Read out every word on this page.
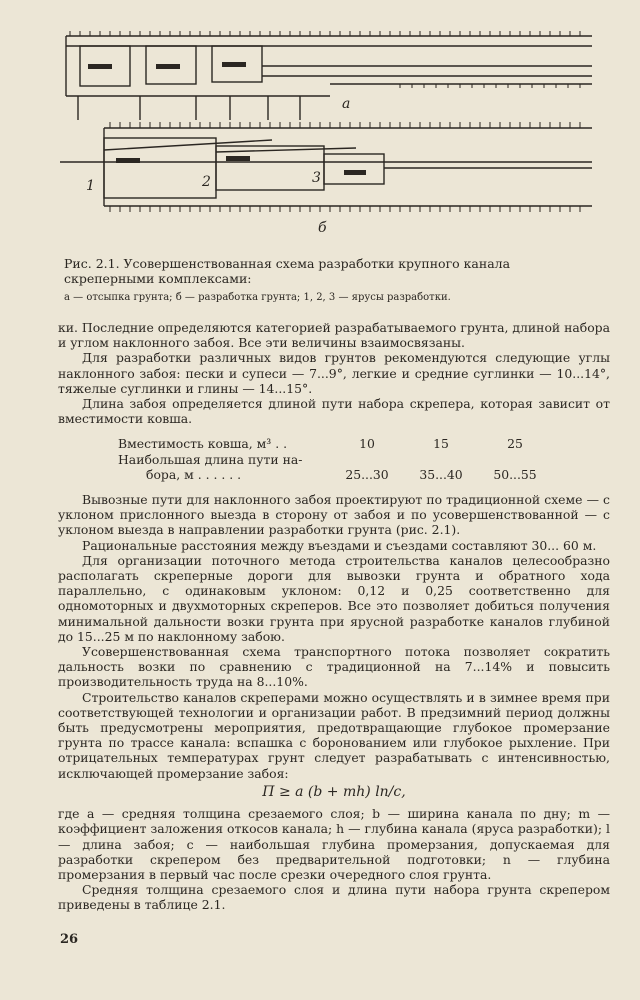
а
б
1	2	3
Рис. 2.1. Усовершенствованная схема разработки крупного канала скреперными комплексами:
а — отсыпка грунта; б — разработка грунта; 1, 2, 3 — ярусы разработки.

ки. Последние определяются категорией разрабатываемого грунта, длиной набора и углом наклонного забоя. Все эти величины взаимосвязаны.

Для разработки различных видов грунтов рекомендуются следующие углы наклонного забоя: пески и супеси — 7...9°, легкие и средние суглинки — 10...14°, тяжелые суглинки и глины — 14...15°.

Длина забоя определяется длиной пути набора скрепера, которая зависит от вместимости ковша.

Вместимость ковша, м³ . .	10	15	25
Наибольшая длина пути на-
бора, м . . . . . .	25...30	35...40	50...55

Вывозные пути для наклонного забоя проектируют по традиционной схеме — с уклоном прислонного выезда в сторону от забоя и по усовершенствованной — с уклоном выезда в направлении разработки грунта (рис. 2.1).

Рациональные расстояния между въездами и съездами составляют 30... 60 м.

Для организации поточного метода строительства каналов целесообразно располагать скреперные дороги для вывозки грунта и обратного хода параллельно, с одинаковым уклоном: 0,12 и 0,25 соответственно для одномоторных и двухмоторных скреперов. Все это позволяет добиться получения минимальной дальности возки грунта при ярусной разработке каналов глубиной до 15...25 м по наклонному забою.

Усовершенствованная схема транспортного потока позволяет сократить дальность возки по сравнению с традиционной на 7...14% и повысить производительность труда на 8...10%.

Строительство каналов скреперами можно осуществлять и в зимнее время при соответствующей технологии и организации работ. В предзимний период должны быть предусмотрены мероприятия, предотвращающие глубокое промерзание грунта по трассе канала: вспашка с боронованием или глубокое рыхление. При отрицательных температурах грунт следует разрабатывать с интенсивностью, исключающей промерзание забоя:

П ≥ a (b + mh) ln/c,

где a — средняя толщина срезаемого слоя; b — ширина канала по дну; m — коэффициент заложения откосов канала; h — глубина канала (яруса разработки); l — длина забоя; c — наибольшая глубина промерзания, допускаемая для разработки скрепером без предварительной подготовки; n — глубина промерзания в первый час после срезки очередного слоя грунта.

Средняя толщина срезаемого слоя и длина пути набора грунта скрепером приведены в таблице 2.1.

26
